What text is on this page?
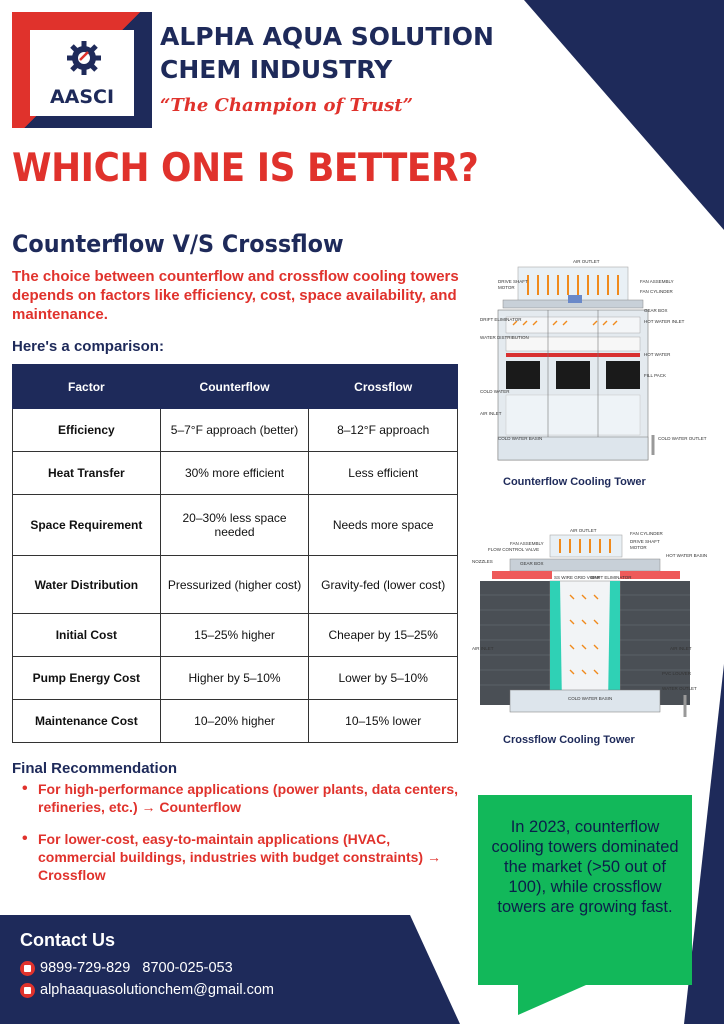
AASCI
ALPHA AQUA SOLUTION
CHEM INDUSTRY
“The Champion of Trust”
WHICH ONE IS BETTER?
Counterflow V/S Crossflow
The choice between counterflow and crossflow cooling towers depends on factors like efficiency, cost, space availability, and maintenance.
Here's a comparison:
Factor	Counterflow	Crossflow
Efficiency	5–7°F approach (better)	8–12°F approach
Heat Transfer	30% more efficient	Less efficient
Space Requirement	20–30% less space needed	Needs more space
Water Distribution	Pressurized (higher cost)	Gravity-fed (lower cost)
Initial Cost	15–25% higher	Cheaper by 15–25%
Pump Energy Cost	Higher by 5–10%	Lower by 5–10%
Maintenance Cost	10–20% higher	10–15% lower
AIR OUTLET
DRIVE SHAFT
MOTOR
FAN ASSEMBLY
FAN CYLINDER
GEAR BOX
DRIFT ELIMINATOR
WATER DISTRIBUTION
HOT WATER INLET
HOT WATER
FILL PACK
COLD WATER
AIR INLET
COLD WATER BASIN	COLD WATER OUTLET
Counterflow Cooling Tower
AIR OUTLET
FAN ASSEMBLY
FAN CYLINDER
DRIVE SHAFT
MOTOR
FLOW CONTROL VALVE
GEAR BOX
NOZZLES
HOT WATER BASIN
SS WIRE GRID V-BAR
DRIFT ELIMINATOR
AIR INLET	AIR INLET
PVC LOUVER
WATER OUTLET
COLD WATER BASIN
Crossflow Cooling Tower
Final Recommendation
• For high-performance applications (power plants, data centers, refineries, etc.) → Counterflow
• For lower-cost, easy-to-maintain applications (HVAC, commercial buildings, industries with budget constraints) → Crossflow
In 2023, counterflow cooling towers dominated the market (>50 out of 100), while crossflow towers are growing fast.
Contact Us
9899-729-829   8700-025-053
alphaaquasolutionchem@gmail.com
